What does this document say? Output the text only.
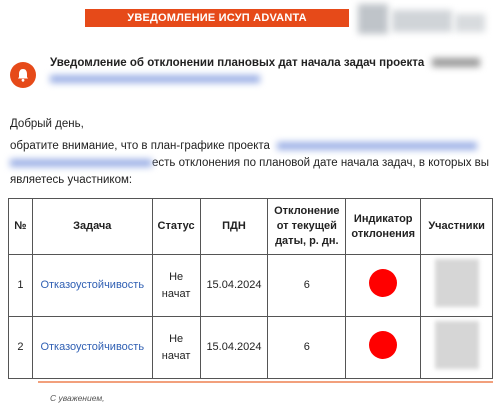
УВЕДОМЛЕНИЕ ИСУП ADVANTA
Уведомление об отклонении плановых дат начала задач проекта
Добрый день,
обратите внимание, что в план-графике проекта
есть отклонения по плановой дате начала задач, в которых вы
являетесь участником:
№	Задача	Статус	ПДН	Отклонение от текущей даты, р. дн.	Индикатор отклонения	Участники
1	Отказоустойчивость	Не начат	15.04.2024	6		
2	Отказоустойчивость	Не начат	15.04.2024	6		
С уважением,
